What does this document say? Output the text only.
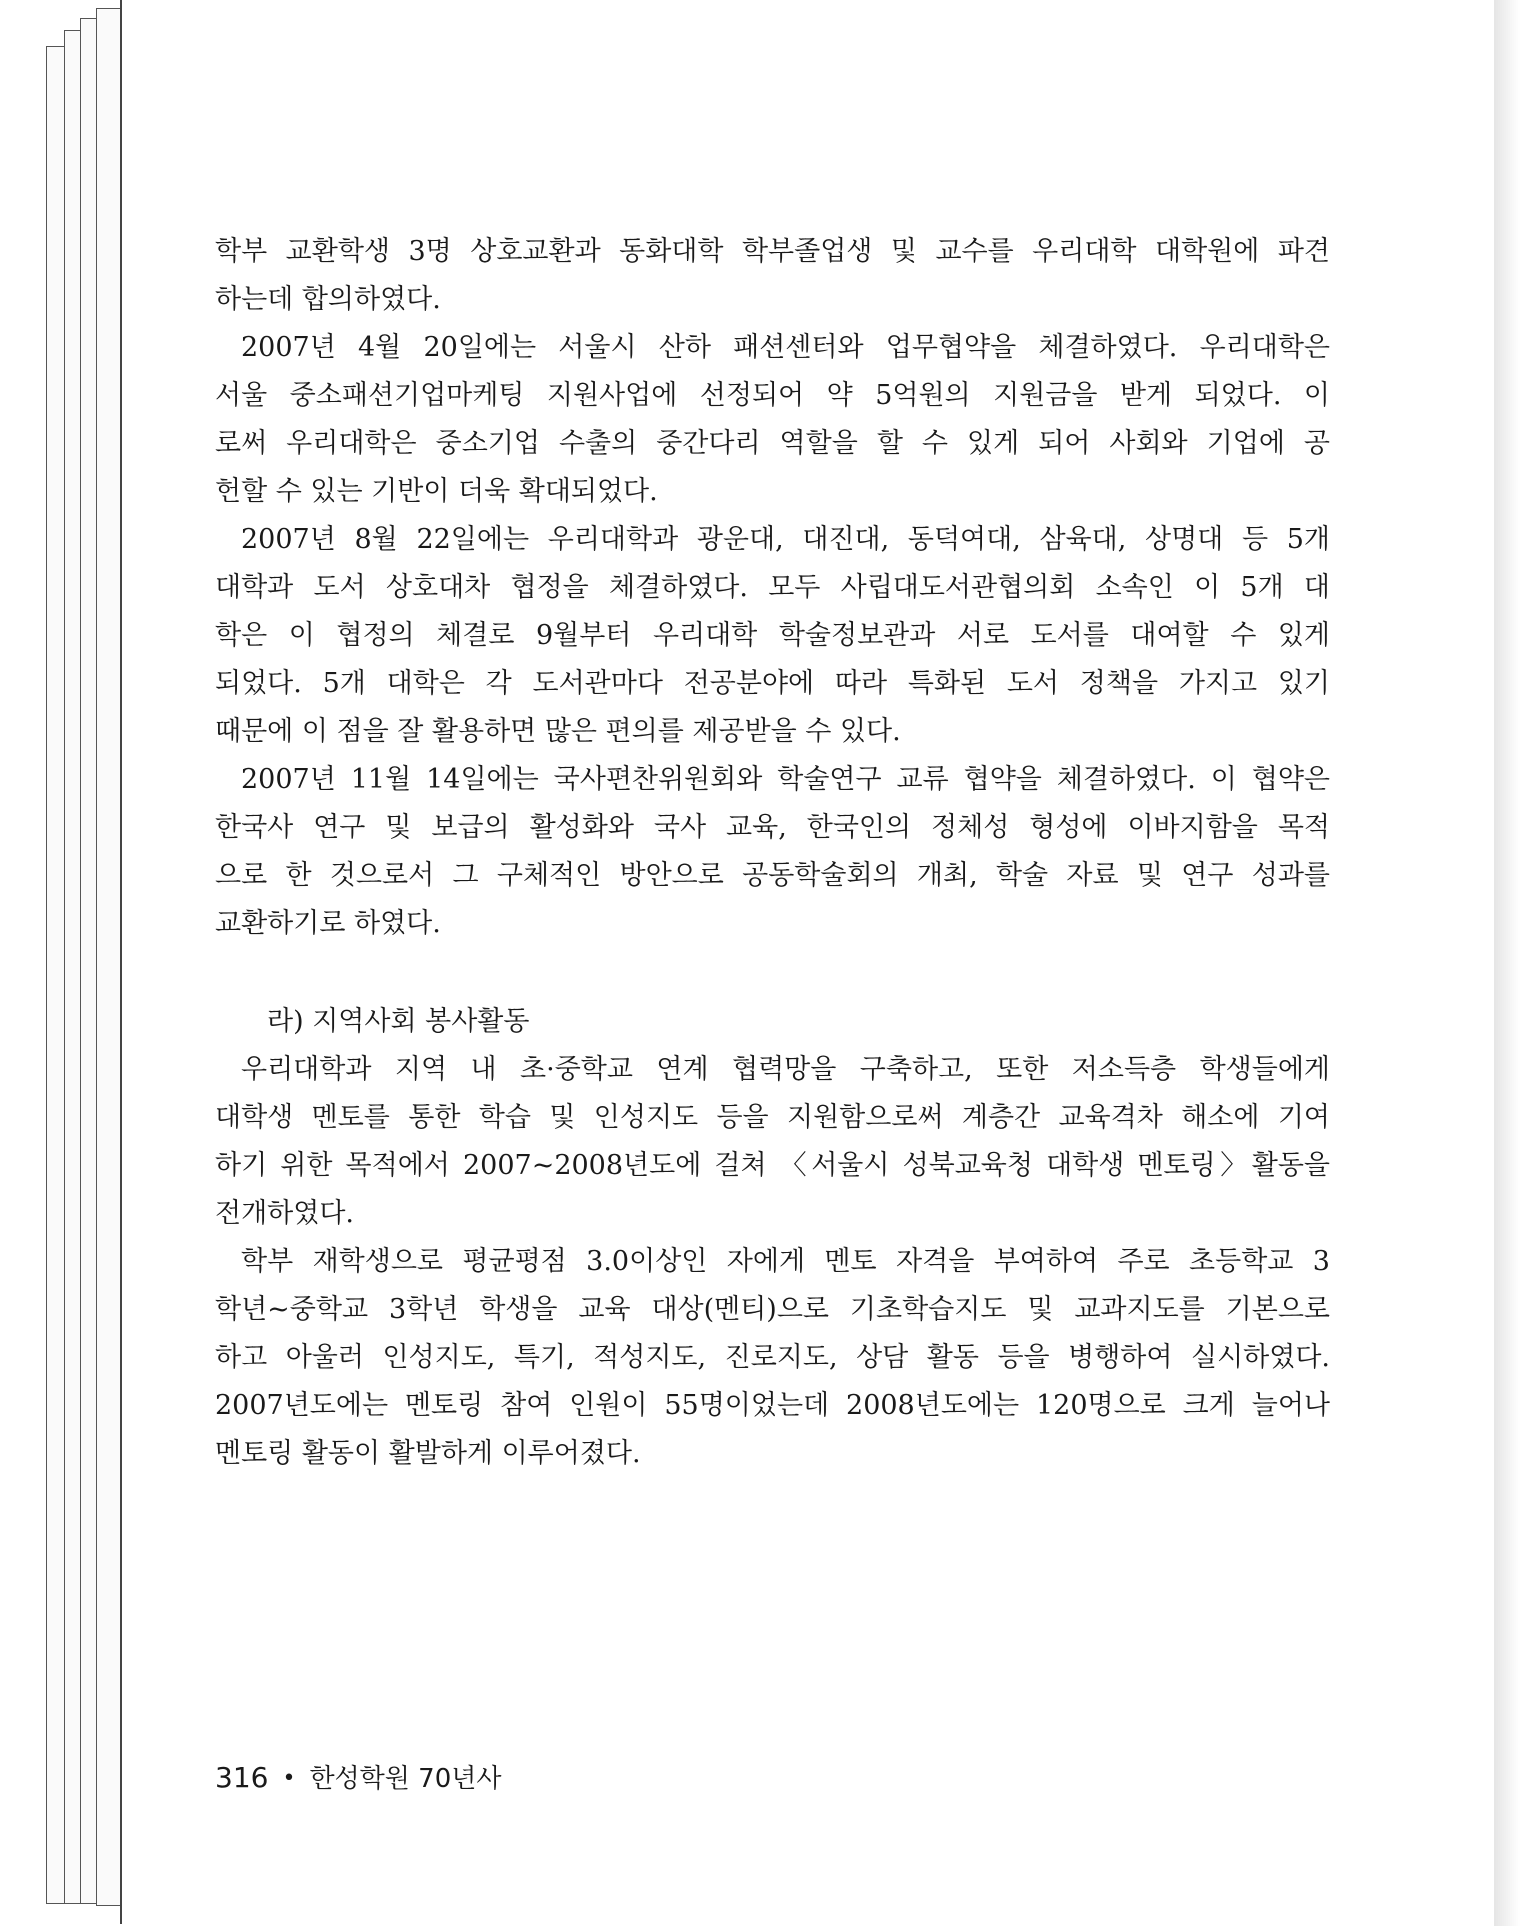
학부 교환학생 3명 상호교환과 동화대학 학부졸업생 및 교수를 우리대학 대학원에 파견
하는데 합의하였다.
2007년 4월 20일에는 서울시 산하 패션센터와 업무협약을 체결하였다. 우리대학은
서울 중소패션기업마케팅 지원사업에 선정되어 약 5억원의 지원금을 받게 되었다. 이
로써 우리대학은 중소기업 수출의 중간다리 역할을 할 수 있게 되어 사회와 기업에 공
헌할 수 있는 기반이 더욱 확대되었다.
2007년 8월 22일에는 우리대학과 광운대, 대진대, 동덕여대, 삼육대, 상명대 등 5개
대학과 도서 상호대차 협정을 체결하였다. 모두 사립대도서관협의회 소속인 이 5개 대
학은 이 협정의 체결로 9월부터 우리대학 학술정보관과 서로 도서를 대여할 수 있게
되었다. 5개 대학은 각 도서관마다 전공분야에 따라 특화된 도서 정책을 가지고 있기
때문에 이 점을 잘 활용하면 많은 편의를 제공받을 수 있다.
2007년 11월 14일에는 국사편찬위원회와 학술연구 교류 협약을 체결하였다. 이 협약은
한국사 연구 및 보급의 활성화와 국사 교육, 한국인의 정체성 형성에 이바지함을 목적
으로 한 것으로서 그 구체적인 방안으로 공동학술회의 개최, 학술 자료 및 연구 성과를
교환하기로 하였다.
라) 지역사회 봉사활동
우리대학과 지역 내 초·중학교 연계 협력망을 구축하고, 또한 저소득층 학생들에게
대학생 멘토를 통한 학습 및 인성지도 등을 지원함으로써 계층간 교육격차 해소에 기여
하기 위한 목적에서 2007~2008년도에 걸쳐 〈서울시 성북교육청 대학생 멘토링〉활동을
전개하였다.
학부 재학생으로 평균평점 3.0이상인 자에게 멘토 자격을 부여하여 주로 초등학교 3
학년~중학교 3학년 학생을 교육 대상(멘티)으로 기초학습지도 및 교과지도를 기본으로
하고 아울러 인성지도, 특기, 적성지도, 진로지도, 상담 활동 등을 병행하여 실시하였다.
2007년도에는 멘토링 참여 인원이 55명이었는데 2008년도에는 120명으로 크게 늘어나
멘토링 활동이 활발하게 이루어졌다.
316 • 한성학원 70년사
